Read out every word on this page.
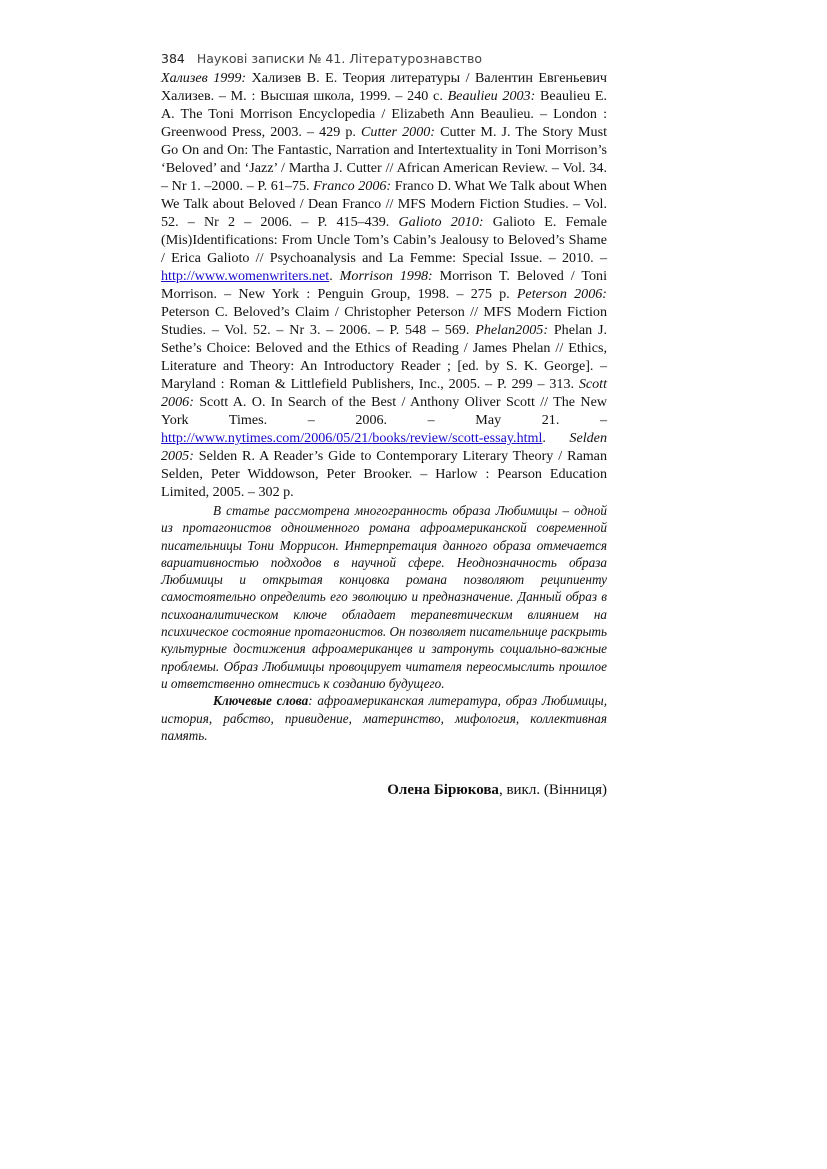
384 Наукові записки № 41. Літературознавство
Хализев 1999: Хализев В. Е. Теория литературы / Валентин Евгеньевич Хализев. – М. : Высшая школа, 1999. – 240 с. Beaulieu 2003: Beaulieu E. A. The Toni Morrison Encyclopedia / Elizabeth Ann Beaulieu. – London : Greenwood Press, 2003. – 429 p. Cutter 2000: Cutter M. J. The Story Must Go On and On: The Fantastic, Narration and Intertextuality in Toni Morrison’s ‘Beloved’ and ‘Jazz’ / Martha J. Cutter // African American Review. – Vol. 34. – Nr 1. –2000. – P. 61–75. Franco 2006: Franco D. What We Talk about When We Talk about Beloved / Dean Franco // MFS Modern Fiction Studies. – Vol. 52. – Nr 2 – 2006. – P. 415–439. Galioto 2010: Galioto E. Female (Mis)Identifications: From Uncle Tom’s Cabin’s Jealousy to Beloved’s Shame / Erica Galioto // Psychoanalysis and La Femme: Special Issue. – 2010. – http://www.womenwriters.net. Morrison 1998: Morrison T. Beloved / Toni Morrison. – New York : Penguin Group, 1998. – 275 p. Peterson 2006: Peterson C. Beloved’s Claim / Christopher Peterson // MFS Modern Fiction Studies. – Vol. 52. – Nr 3. – 2006. – P. 548 – 569. Phelan2005: Phelan J. Sethe’s Choice: Beloved and the Ethics of Reading / James Phelan // Ethics, Literature and Theory: An Introductory Reader ; [ed. by S. K. George]. – Maryland : Roman & Littlefield Publishers, Inc., 2005. – P. 299 – 313. Scott 2006: Scott A. O. In Search of the Best / Anthony Oliver Scott // The New York Times. – 2006. – May 21. – http://www.nytimes.com/2006/05/21/books/review/scott-essay.html. Selden 2005: Selden R. A Reader’s Gide to Contemporary Literary Theory / Raman Selden, Peter Widdowson, Peter Brooker. – Harlow : Pearson Education Limited, 2005. – 302 p.
В статье рассмотрена многогранность образа Любимицы – одной из протагонистов одноименного романа афроамериканской современной писательницы Тони Моррисон. Интерпретация данного образа отмечается вариативностью подходов в научной сфере. Неоднозначность образа Любимицы и открытая концовка романа позволяют реципиенту самостоятельно определить его эволюцию и предназначение. Данный образ в психоаналитическом ключе обладает терапевтическим влиянием на психическое состояние протагонистов. Он позволяет писательнице раскрыть культурные достижения афроамериканцев и затронуть социально-важные проблемы. Образ Любимицы провоцирует читателя переосмыслить прошлое и ответственно отнестись к созданию будущего.
Ключевые слова: афроамериканская литература, образ Любимицы, история, рабство, привидение, материнство, мифология, коллективная память.
Олена Бірюкова, викл. (Вінниця)
